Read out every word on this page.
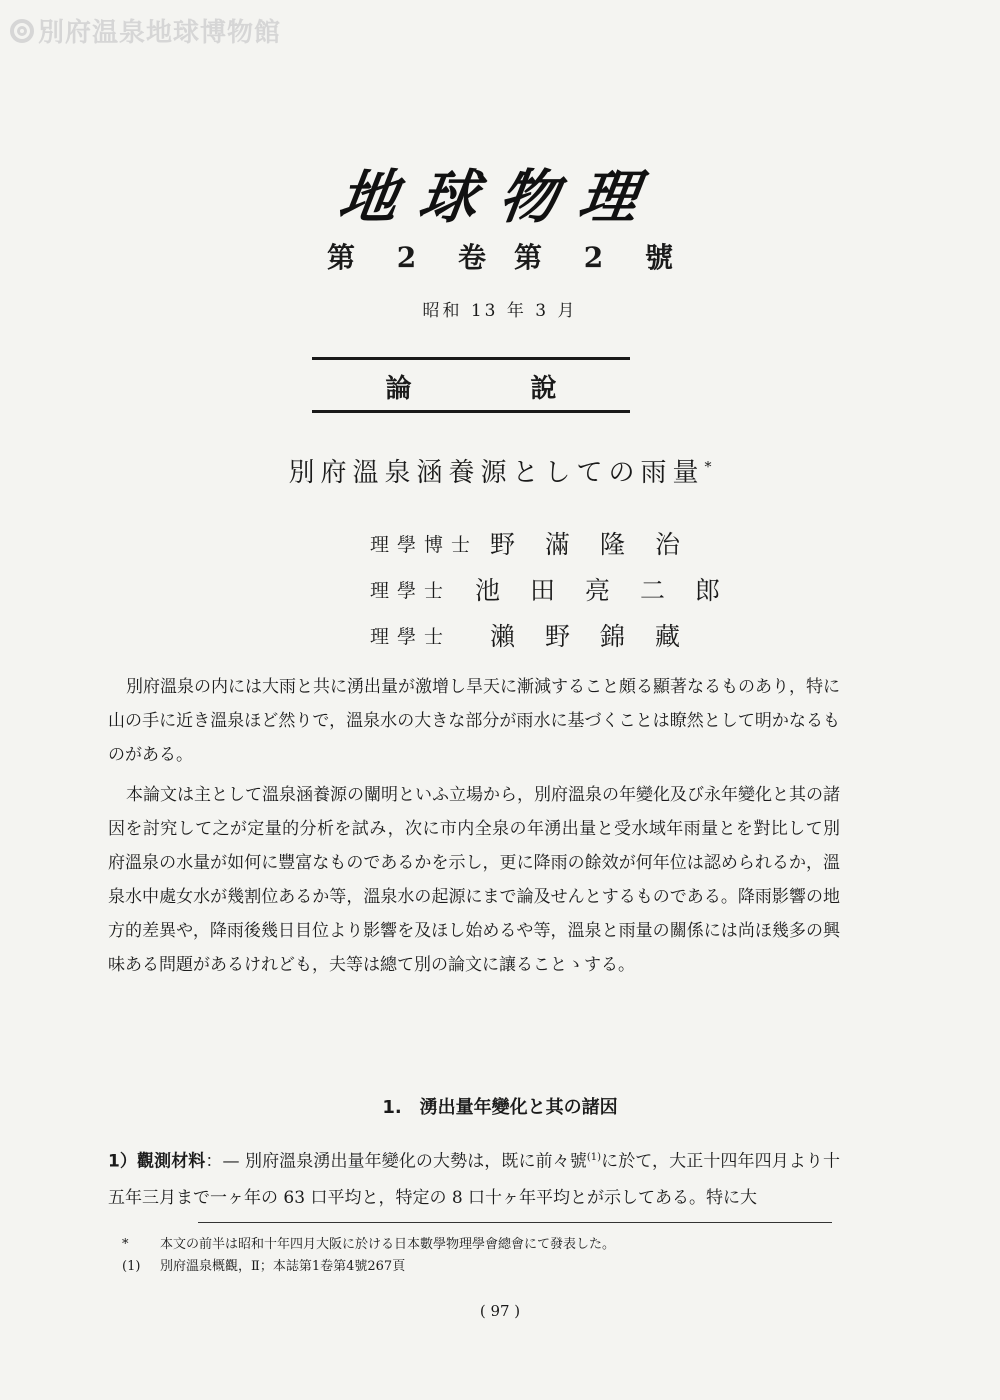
別府温泉地球博物館
地球物理
第 2 卷　第 2 號
昭和 13 年 3 月
論 說
別府溫泉涵養源としての雨量*
理學博士 野滿隆治
理學士 池田亮二郎
理學士	瀨野錦藏

別府溫泉の内には大雨と共に湧出量が激增し旱天に漸減すること頗る顯著なるものあり，特に山の手に近き溫泉ほど然りで，溫泉水の大きな部分が雨水に基づくことは瞭然として明かなるものがある。

本論文は主として溫泉涵養源の闡明といふ立場から，別府溫泉の年變化及び永年變化と其の諸因を討究して之が定量的分析を試み，次に市内全泉の年湧出量と受水域年雨量とを對比して別府溫泉の水量が如何に豐富なものであるかを示し，更に降雨の餘效が何年位は認められるか，溫泉水中處女水が幾割位あるか等，溫泉水の起源にまで論及せんとするものである。降雨影響の地方的差異や，降雨後幾日目位より影響を及ほし始めるや等，溫泉と雨量の關係には尚ほ幾多の興味ある問題があるけれども，夫等は總て別の論文に讓ることゝする。

1.　湧出量年變化と其の諸因
1）觀測材料：— 別府溫泉湧出量年變化の大勢は，既に前々號$^{(1)}$に於て，大正十四年四月より十五年三月まで一ヶ年の 63 口平均と，特定の 8 口十ヶ年平均とが示してある。特に大
*	本文の前半は昭和十年四月大阪に於ける日本數學物理學會總會にて發表した。
(1)	別府溫泉概觀，Ⅱ；本誌第1卷第4號267頁
( 97 )
